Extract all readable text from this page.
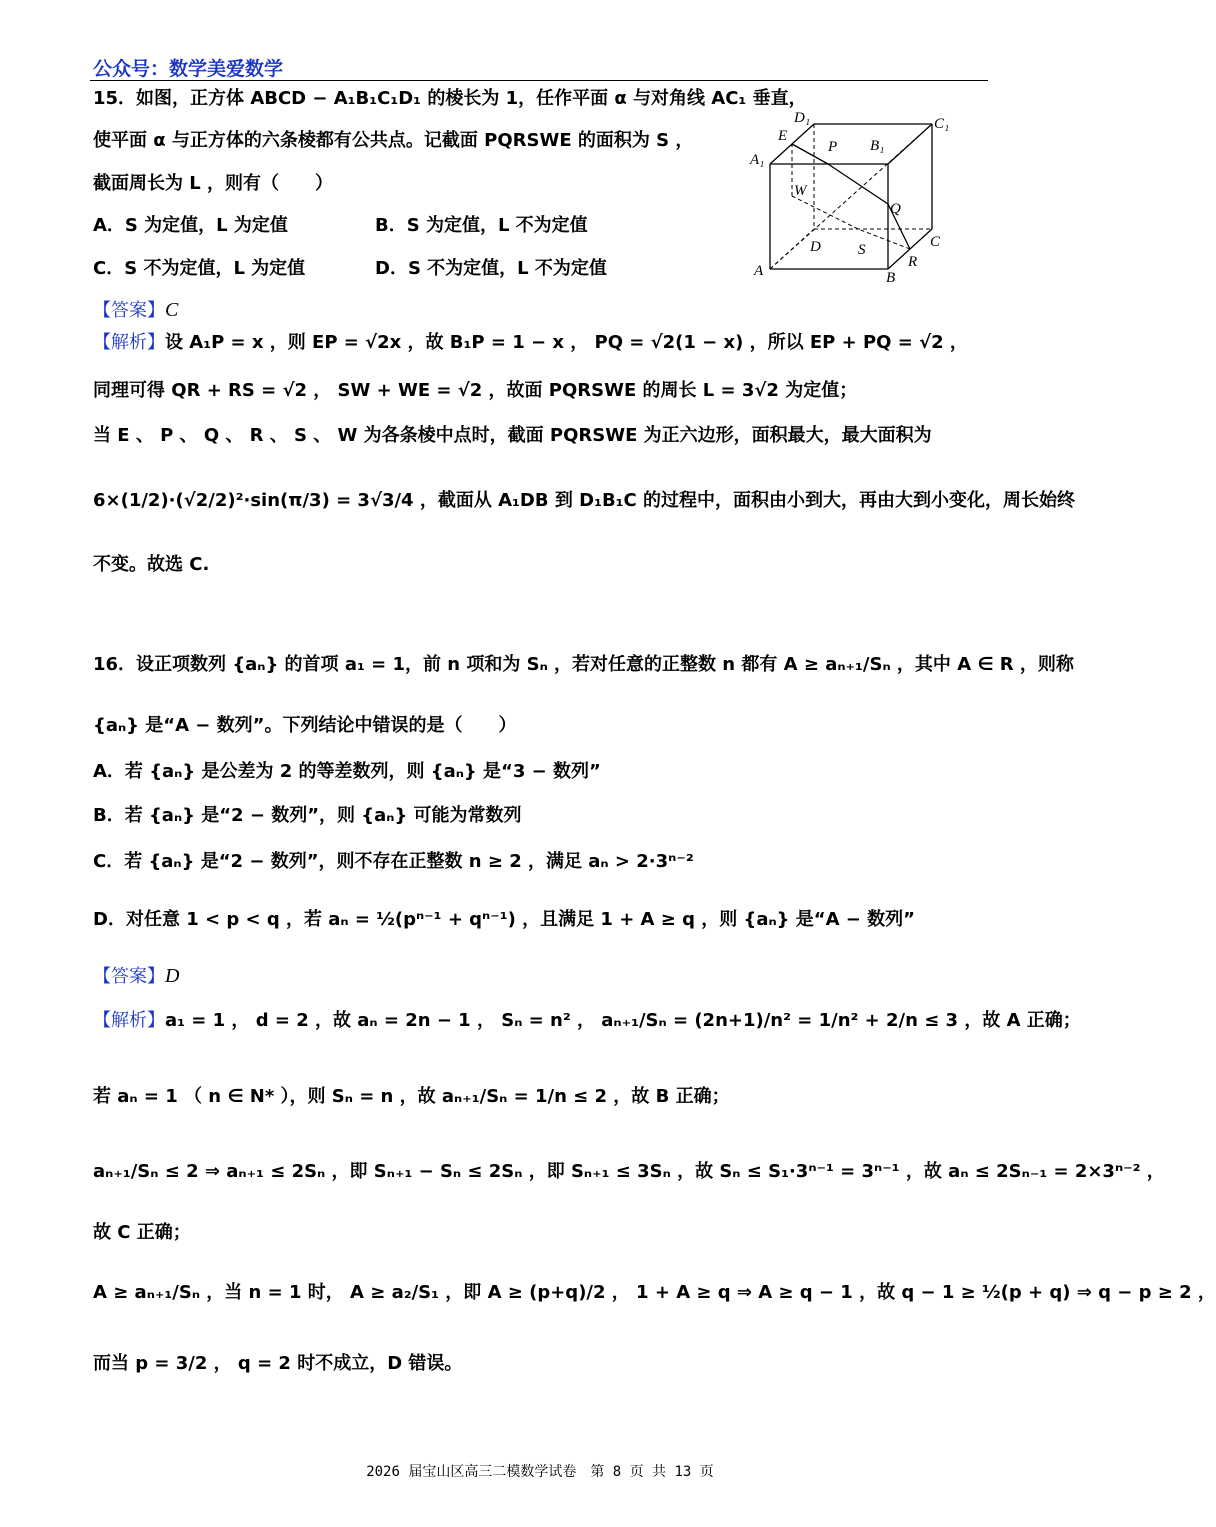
公众号：数学美爱数学
15．如图，正方体 ABCD − A₁B₁C₁D₁ 的棱长为 1，任作平面 α 与对角线 AC₁ 垂直，
使平面 α 与正方体的六条棱都有公共点。记截面 PQRSWE 的面积为 S ，
截面周长为 L ，则有（　　）
A．S 为定值，L 为定值	B．S 为定值，L 不为定值
C．S 不为定值，L 为定值	D．S 不为定值，L 不为定值
【答案】C
【解析】设 A₁P = x ，则 EP = √2x ，故 B₁P = 1 − x ， PQ = √2(1 − x) ，所以 EP + PQ = √2 ，
同理可得 QR + RS = √2 ， SW + WE = √2 ，故面 PQRSWE 的周长 L = 3√2 为定值；
当 E 、 P 、 Q 、 R 、 S 、 W 为各条棱中点时，截面 PQRSWE 为正六边形，面积最大，最大面积为
6×(1/2)·(√2/2)²·sin(π/3) = 3√3/4 ，截面从 A₁DB 到 D₁B₁C 的过程中，面积由小到大，再由大到小变化，周长始终
不变。故选 C.
D₁	C₁
E
P B₁
A₁
W
Q
D S	C
A
R
B
16．设正项数列 {aₙ} 的首项 a₁ = 1，前 n 项和为 Sₙ ，若对任意的正整数 n 都有 A ≥ aₙ₊₁/Sₙ ，其中 A ∈ R ，则称
{aₙ} 是“A − 数列”。下列结论中错误的是（　　）
A．若 {aₙ} 是公差为 2 的等差数列，则 {aₙ} 是“3 − 数列”
B．若 {aₙ} 是“2 − 数列”，则 {aₙ} 可能为常数列
C．若 {aₙ} 是“2 − 数列”，则不存在正整数 n ≥ 2 ，满足 aₙ > 2·3ⁿ⁻²
D．对任意 1 < p < q ，若 aₙ = ½(pⁿ⁻¹ + qⁿ⁻¹) ，且满足 1 + A ≥ q ，则 {aₙ} 是“A − 数列”
【答案】D
【解析】a₁ = 1 ， d = 2 ，故 aₙ = 2n − 1 ， Sₙ = n² ， aₙ₊₁/Sₙ = (2n+1)/n² = 1/n² + 2/n ≤ 3 ，故 A 正确；
若 aₙ = 1 （ n ∈ N* ），则 Sₙ = n ，故 aₙ₊₁/Sₙ = 1/n ≤ 2 ，故 B 正确；
aₙ₊₁/Sₙ ≤ 2 ⇒ aₙ₊₁ ≤ 2Sₙ ，即 Sₙ₊₁ − Sₙ ≤ 2Sₙ ，即 Sₙ₊₁ ≤ 3Sₙ ，故 Sₙ ≤ S₁·3ⁿ⁻¹ = 3ⁿ⁻¹ ，故 aₙ ≤ 2Sₙ₋₁ = 2×3ⁿ⁻² ，
故 C 正确；
A ≥ aₙ₊₁/Sₙ ，当 n = 1 时， A ≥ a₂/S₁ ，即 A ≥ (p+q)/2 ， 1 + A ≥ q ⇒ A ≥ q − 1 ，故 q − 1 ≥ ½(p + q) ⇒ q − p ≥ 2 ，
而当 p = 3/2 ， q = 2 时不成立，D 错误。
2026 届宝山区高三二模数学试卷　第 8 页 共 13 页
